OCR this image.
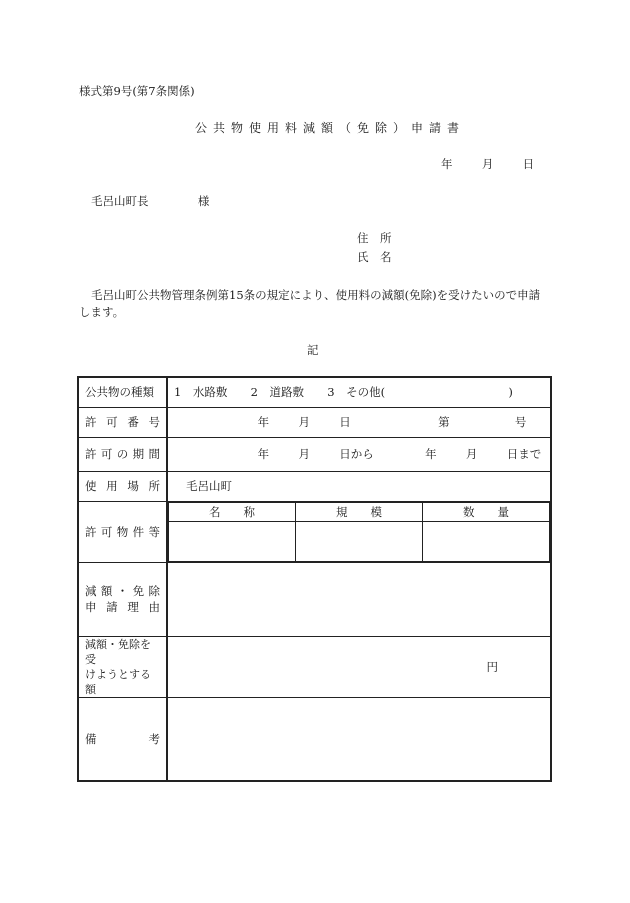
様式第9号(第7条関係)
公共物使用料減額（免除）申請書
年	月	日
毛呂山町長	様
住　所
氏　名
毛呂山町公共物管理条例第15条の規定により、使用料の減額(免除)を受けたいので申請します。
記
公共物の種類	1　水路敷 2　道路敷 3　その他(	)

許 可 番 号	年	月	日	第	号

許 可 の 期 間	年	月	日から	年	月	日まで

使 用 場 所	毛呂山町

許 可 物 件 等

名　　称	規　　模	数　　量

減 額 ・ 免 除
申 請 理 由

減額・免除を受
けようとする額
	円

備	考
